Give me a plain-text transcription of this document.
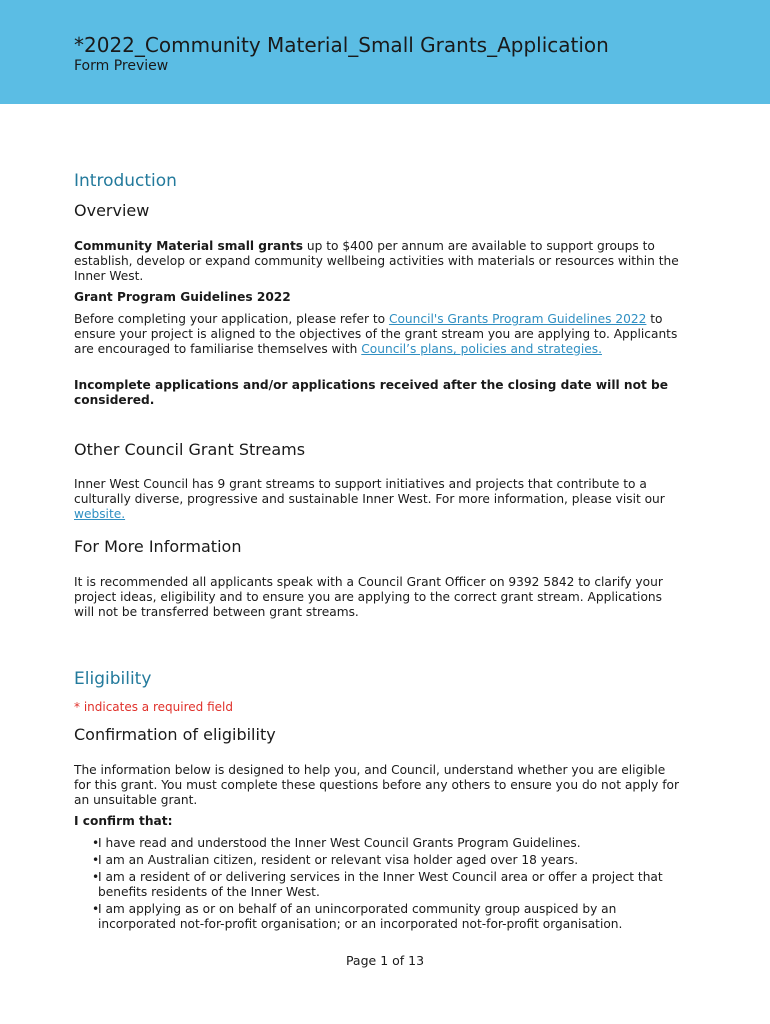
*2022_Community Material_Small Grants_Application
Form Preview
Introduction
Overview
Community Material small grants up to $400 per annum are available to support groups to establish, develop or expand community wellbeing activities with materials or resources within the Inner West.
Grant Program Guidelines 2022
Before completing your application, please refer to Council's Grants Program Guidelines 2022 to ensure your project is aligned to the objectives of the grant stream you are applying to. Applicants are encouraged to familiarise themselves with Council’s plans, policies and strategies.
Incomplete applications and/or applications received after the closing date will not be considered.
Other Council Grant Streams
Inner West Council has 9 grant streams to support initiatives and projects that contribute to a culturally diverse, progressive and sustainable Inner West. For more information, please visit our website.
For More Information
It is recommended all applicants speak with a Council Grant Officer on 9392 5842 to clarify your project ideas, eligibility and to ensure you are applying to the correct grant stream. Applications will not be transferred between grant streams.
Eligibility
* indicates a required field
Confirmation of eligibility
The information below is designed to help you, and Council, understand whether you are eligible for this grant. You must complete these questions before any others to ensure you do not apply for an unsuitable grant.
I confirm that:
•
I have read and understood the Inner West Council Grants Program Guidelines.
•
I am an Australian citizen, resident or relevant visa holder aged over 18 years.
•
I am a resident of or delivering services in the Inner West Council area or offer a project that benefits residents of the Inner West.
•
I am applying as or on behalf of an unincorporated community group auspiced by an incorporated not-for-profit organisation; or an incorporated not-for-profit organisation.
Page 1 of 13
